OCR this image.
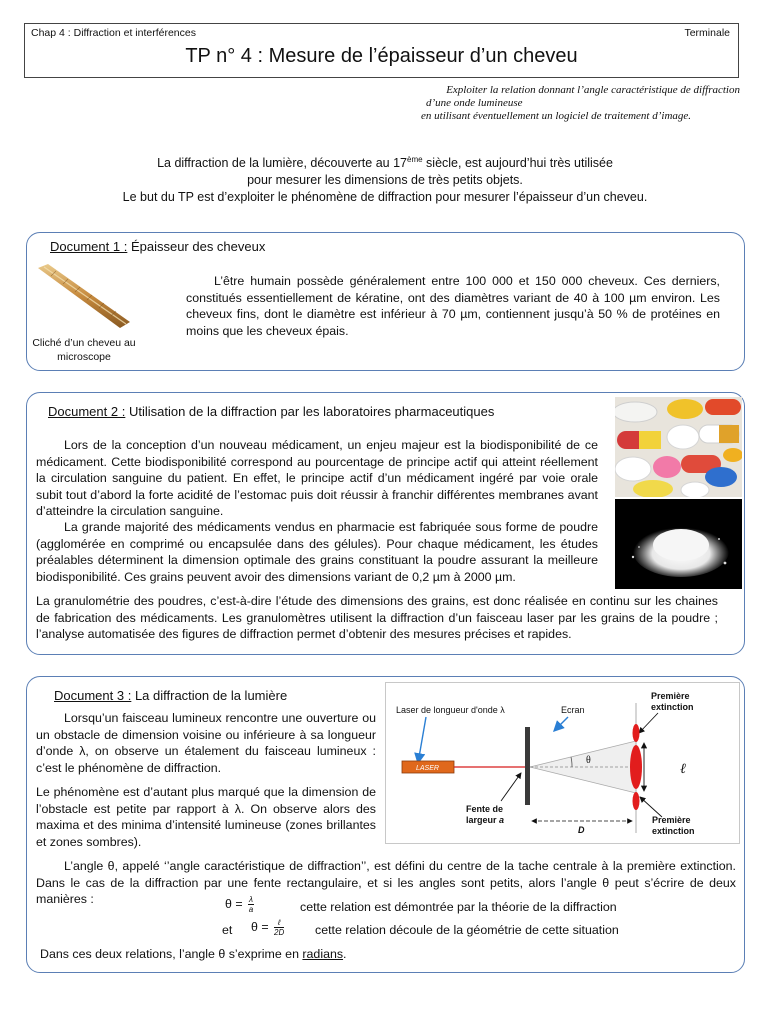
Chap 4 : Diffraction et interférences	Terminale
TP n° 4 : Mesure de l’épaisseur d’un cheveu
Exploiter la relation donnant l’angle caractéristique de diffraction
d’une onde lumineuse
en utilisant éventuellement un logiciel de traitement d’image.
La diffraction de la lumière, découverte au 17ème siècle, est aujourd’hui très utilisée
pour mesurer les dimensions de très petits objets.
Le but du TP est d’exploiter le phénomène de diffraction pour mesurer l’épaisseur d’un cheveu.
Document 1 : Épaisseur des cheveux
Cliché d’un cheveu au microscope
L’être humain possède généralement entre 100 000 et 150 000 cheveux. Ces derniers, constitués essentiellement de kératine, ont des diamètres variant de 40 à 100 µm environ. Les cheveux fins, dont le diamètre est inférieur à 70 µm, contiennent jusqu’à 50 % de protéines en moins que les cheveux épais.
Document 2 : Utilisation de la diffraction par les laboratoires pharmaceutiques
Lors de la conception d’un nouveau médicament, un enjeu majeur est la biodisponibilité de ce médicament. Cette biodisponibilité correspond au pourcentage de principe actif qui atteint réellement la circulation sanguine du patient. En effet, le principe actif d’un médicament ingéré par voie orale subit tout d’abord la forte acidité de l’estomac puis doit réussir à franchir différentes membranes avant d’atteindre la circulation sanguine.
La grande majorité des médicaments vendus en pharmacie est fabriquée sous forme de poudre (agglomérée en comprimé ou encapsulée dans des gélules). Pour chaque médicament, les études préalables déterminent la dimension optimale des grains constituant la poudre assurant la meilleure biodisponibilité. Ces grains peuvent avoir des dimensions variant de 0,2 µm à 2000 µm.
La granulométrie des poudres, c’est-à-dire l’étude des dimensions des grains, est donc réalisée en continu sur les chaines de fabrication des médicaments. Les granulomètres utilisent la diffraction d’un faisceau laser par les grains de la poudre ; l’analyse automatisée des figures de diffraction permet d’obtenir des mesures précises et rapides.
Document 3 : La diffraction de la lumière
Lorsqu’un faisceau lumineux rencontre une ouverture ou un obstacle de dimension voisine ou inférieure à sa longueur d’onde λ, on observe un étalement du faisceau lumineux : c’est le phénomène de diffraction.
Le phénomène est d’autant plus marqué que la dimension de l’obstacle est petite par rapport à λ. On observe alors des maxima et des minima d’intensité lumineuse (zones brillantes et zones sombres).
L’angle θ, appelé ‘’angle caractéristique de diffraction’’, est défini du centre de la tache centrale à la première extinction. Dans le cas de la diffraction par une fente rectangulaire, et si les angles sont petits, alors l’angle θ peut s’écrire de deux manières :	$\theta = \frac{\lambda}{a}$	cette relation est démontrée par la théorie de la diffraction
et $\theta = \frac{\text{ℓ}}{2D}$ cette relation découle de la géométrie de cette situation
Dans ces deux relations, l’angle θ s’exprime en radians.
Laser de longueur d'onde λ	Ecran
Première
extinction
Première
extinction
Fente de
largeur a
LASER
θ
ℓ
D
